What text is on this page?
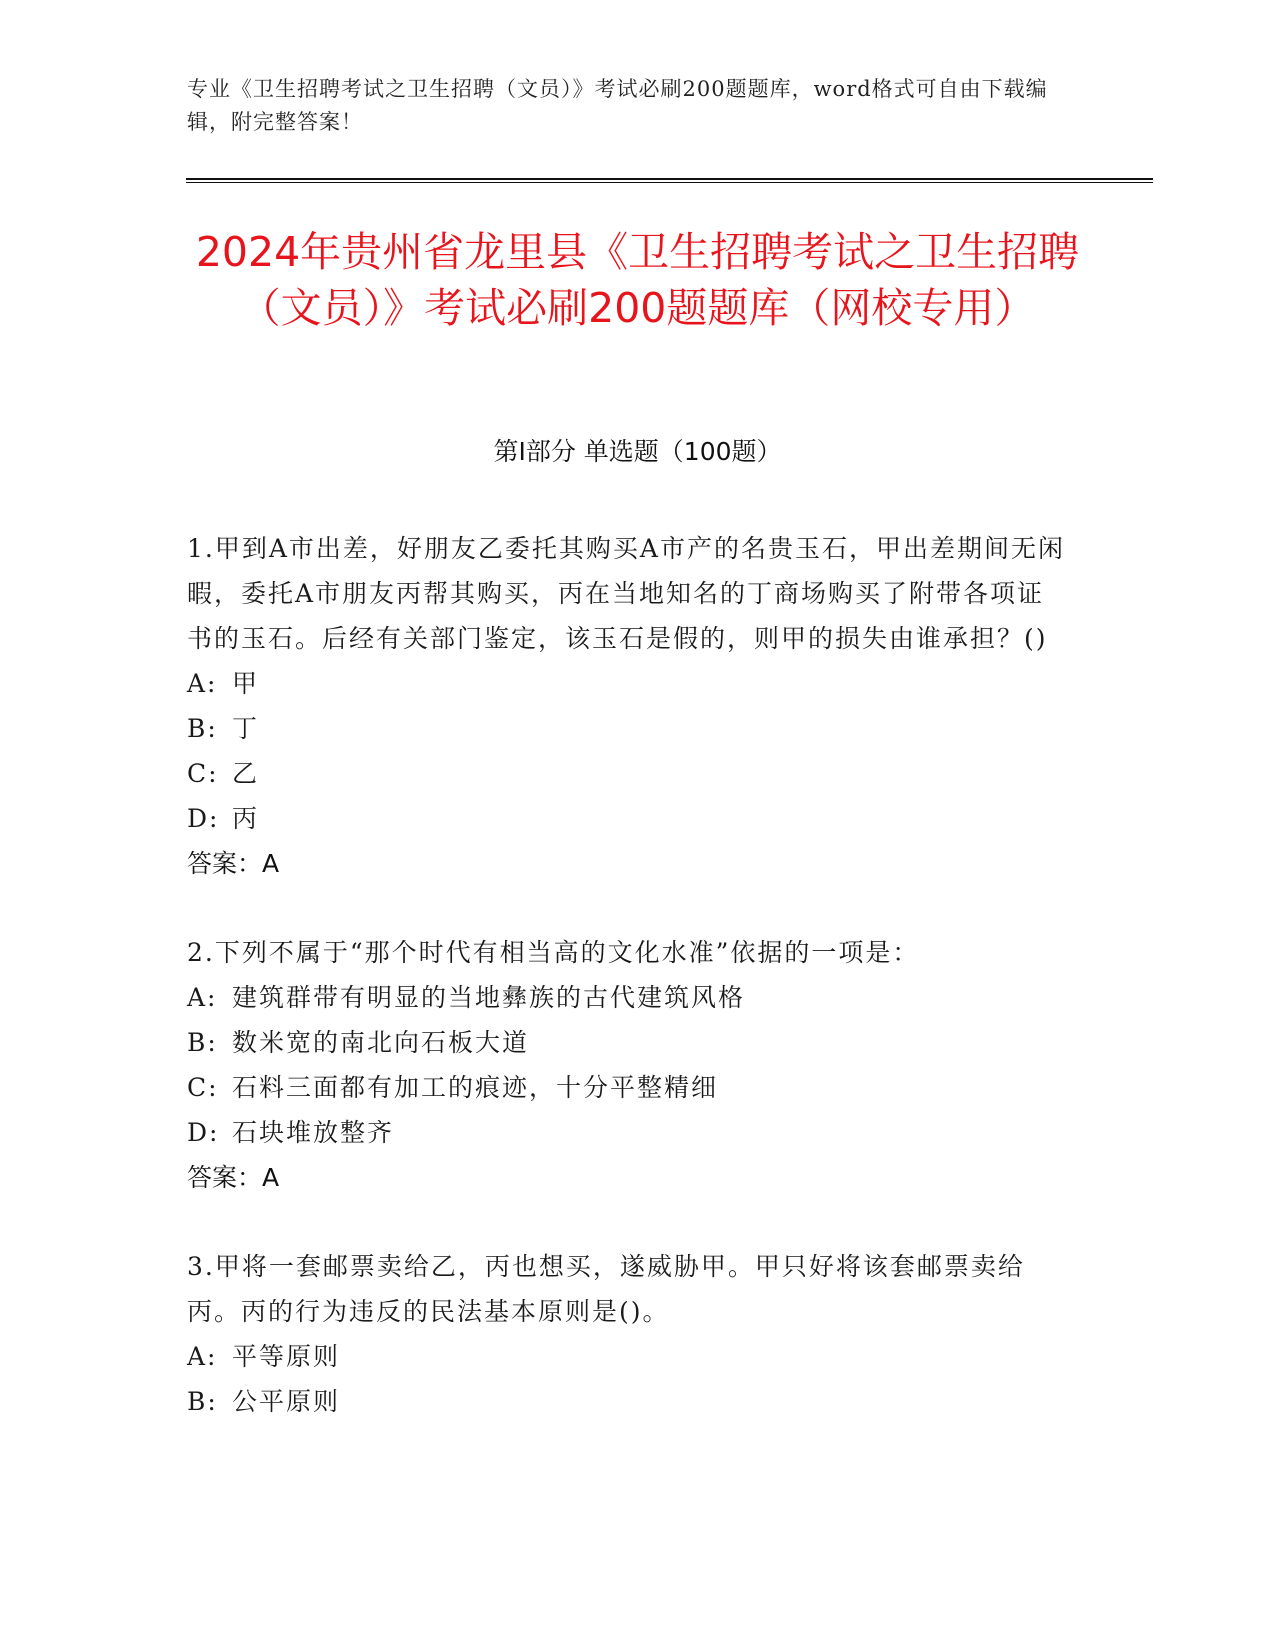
专业《卫生招聘考试之卫生招聘（文员）》考试必刷200题题库，word格式可自由下载编辑，附完整答案！
2024年贵州省龙里县《卫生招聘考试之卫生招聘（文员）》考试必刷200题题库（网校专用）
第Ⅰ部分 单选题（100题）

1.甲到A市出差，好朋友乙委托其购买A市产的名贵玉石，甲出差期间无闲暇，委托A市朋友丙帮其购买，丙在当地知名的丁商场购买了附带各项证书的玉石。后经有关部门鉴定，该玉石是假的，则甲的损失由谁承担？()

A: 甲

B: 丁

C: 乙

D: 丙

答案：A

2.下列不属于“那个时代有相当高的文化水准”依据的一项是：

A: 建筑群带有明显的当地彝族的古代建筑风格

B: 数米宽的南北向石板大道

C: 石料三面都有加工的痕迹，十分平整精细

D: 石块堆放整齐

答案：A

3.甲将一套邮票卖给乙，丙也想买，遂威胁甲。甲只好将该套邮票卖给丙。丙的行为违反的民法基本原则是()。

A: 平等原则

B: 公平原则
